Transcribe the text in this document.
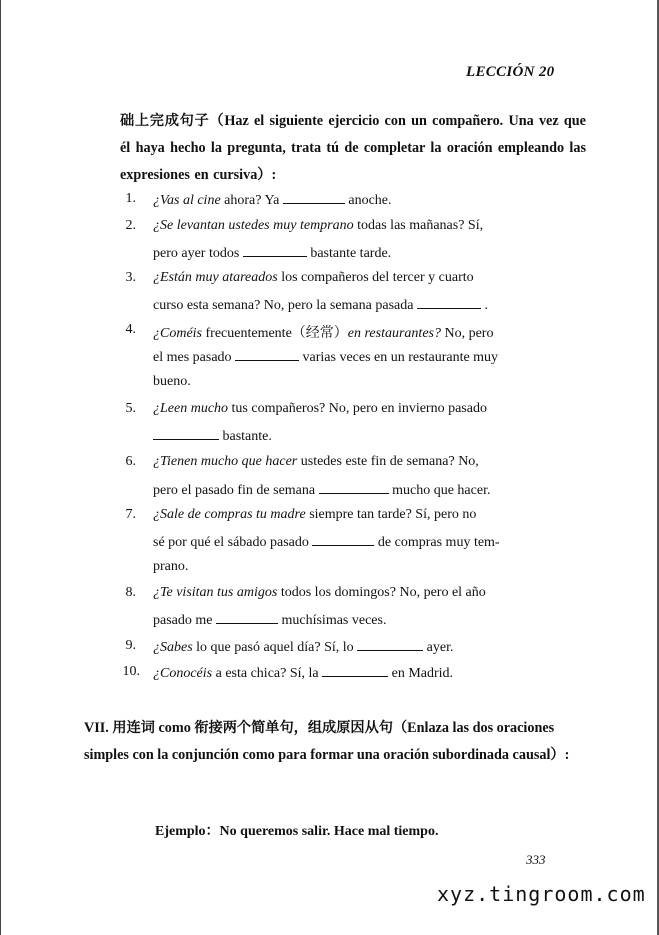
LECCIÓN 20
础上完成句子（Haz el siguiente ejercicio con un compañero. Una vez que él haya hecho la pregunta, trata tú de completar la oración empleando las expresiones en cursiva）:
1. ¿Vas al cine ahora? Ya	anoche.
2. ¿Se levantan ustedes muy temprano todas las mañanas? Sí,
pero ayer todos	bastante tarde.
3. ¿Están muy atareados los compañeros del tercer y cuarto
curso esta semana? No, pero la semana pasada	.
4. ¿Coméis frecuentemente（经常）en restaurantes? No, pero
el mes pasado	varias veces en un restaurante muy
bueno.
5. ¿Leen mucho tus compañeros? No, pero en invierno pasado
bastante.
6. ¿Tienen mucho que hacer ustedes este fin de semana? No,
pero el pasado fin de semana	mucho que hacer.
7. ¿Sale de compras tu madre siempre tan tarde? Sí, pero no
sé por qué el sábado pasado	de compras muy tem-
prano.
8. ¿Te visitan tus amigos todos los domingos? No, pero el año
pasado me	muchísimas veces.
9. ¿Sabes lo que pasó aquel día? Sí, lo	ayer.
10. ¿Conocéis a esta chica? Sí, la	en Madrid.
VII. 用连词 como 衔接两个简单句，组成原因从句（Enlaza las dos oraciones simples con la conjunción como para formar una oración subordinada causal）:
Ejemplo：No queremos salir. Hace mal tiempo.
333
xyz.tingroom.com
